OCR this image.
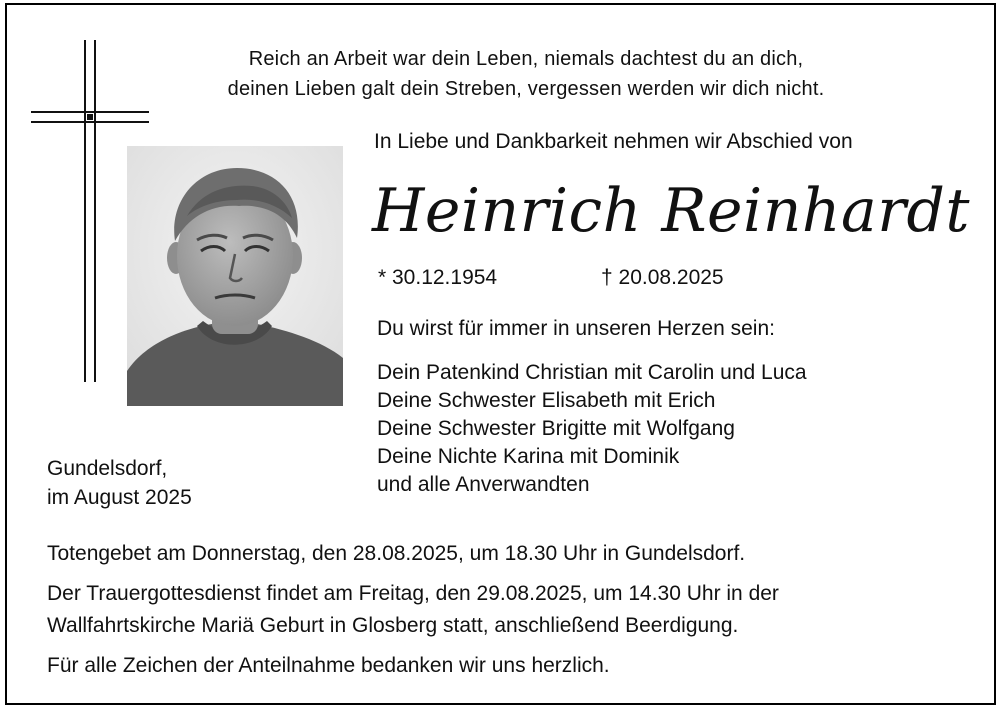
Reich an Arbeit war dein Leben, niemals dachtest du an dich,
deinen Lieben galt dein Streben, vergessen werden wir dich nicht.
In Liebe und Dankbarkeit nehmen wir Abschied von
Heinrich Reinhardt
* 30.12.1954	† 20.08.2025
Du wirst für immer in unseren Herzen sein:
Dein Patenkind Christian mit Carolin und Luca
Deine Schwester Elisabeth mit Erich
Deine Schwester Brigitte mit Wolfgang
Deine Nichte Karina mit Dominik
und alle Anverwandten
Gundelsdorf,
im August 2025
Totengebet am Donnerstag, den 28.08.2025, um 18.30 Uhr in Gundelsdorf.
Der Trauergottesdienst findet am Freitag, den 29.08.2025, um 14.30 Uhr in der
Wallfahrtskirche Mariä Geburt in Glosberg statt, anschließend Beerdigung.
Für alle Zeichen der Anteilnahme bedanken wir uns herzlich.
